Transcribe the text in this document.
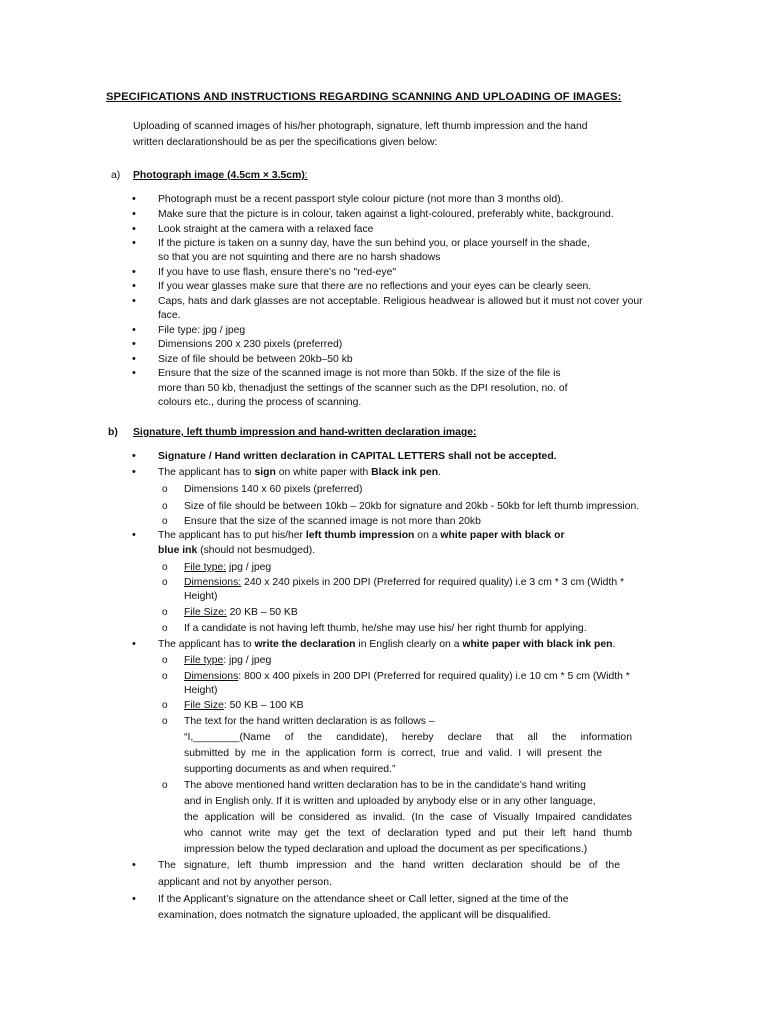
SPECIFICATIONS AND INSTRUCTIONS REGARDING SCANNING AND UPLOADING OF IMAGES:
Uploading of scanned images of his/her photograph, signature, left thumb impression and the hand
written declarationshould be as per the specifications given below:
a) Photograph image (4.5cm × 3.5cm):
• Photograph must be a recent passport style colour picture (not more than 3 months old).
• Make sure that the picture is in colour, taken against a light-coloured, preferably white, background.
• Look straight at the camera with a relaxed face
• If the picture is taken on a sunny day, have the sun behind you, or place yourself in the shade,
so that you are not squinting and there are no harsh shadows
• If you have to use flash, ensure there's no "red-eye"
• If you wear glasses make sure that there are no reflections and your eyes can be clearly seen.
• Caps, hats and dark glasses are not acceptable. Religious headwear is allowed but it must not cover your
face.
• File type: jpg / jpeg
• Dimensions 200 x 230 pixels (preferred)
• Size of file should be between 20kb–50 kb
• Ensure that the size of the scanned image is not more than 50kb. If the size of the file is
more than 50 kb, thenadjust the settings of the scanner such as the DPI resolution, no. of
colours etc., during the process of scanning.
b) Signature, left thumb impression and hand-written declaration image:
• Signature / Hand written declaration in CAPITAL LETTERS shall not be accepted.
• The applicant has to sign on white paper with Black ink pen.
o Dimensions 140 x 60 pixels (preferred)
o Size of file should be between 10kb – 20kb for signature and 20kb - 50kb for left thumb impression.
o Ensure that the size of the scanned image is not more than 20kb
• The applicant has to put his/her left thumb impression on a white paper with black or
blue ink (should not besmudged).
o File type: jpg / jpeg
o Dimensions: 240 x 240 pixels in 200 DPI (Preferred for required quality) i.e 3 cm * 3 cm (Width *
Height)
o File Size: 20 KB – 50 KB
o If a candidate is not having left thumb, he/she may use his/ her right thumb for applying.
• The applicant has to write the declaration in English clearly on a white paper with black ink pen.
o File type: jpg / jpeg
o Dimensions: 800 x 400 pixels in 200 DPI (Preferred for required quality) i.e 10 cm * 5 cm (Width *
Height)
o File Size: 50 KB – 100 KB
o The text for the hand written declaration is as follows –
“I,________(Name of the candidate), hereby declare that all the information
submitted by me in the application form is correct, true and valid. I will present the
supporting documents as and when required.”
o The above mentioned hand written declaration has to be in the candidate’s hand writing
and in English only. If it is written and uploaded by anybody else or in any other language,
the application will be considered as invalid. (In the case of Visually Impaired candidates
who cannot write may get the text of declaration typed and put their left hand thumb
impression below the typed declaration and upload the document as per specifications.)
• The signature, left thumb impression and the hand written declaration should be of the
applicant and not by anyother person.
• If the Applicant’s signature on the attendance sheet or Call letter, signed at the time of the
examination, does notmatch the signature uploaded, the applicant will be disqualified.
